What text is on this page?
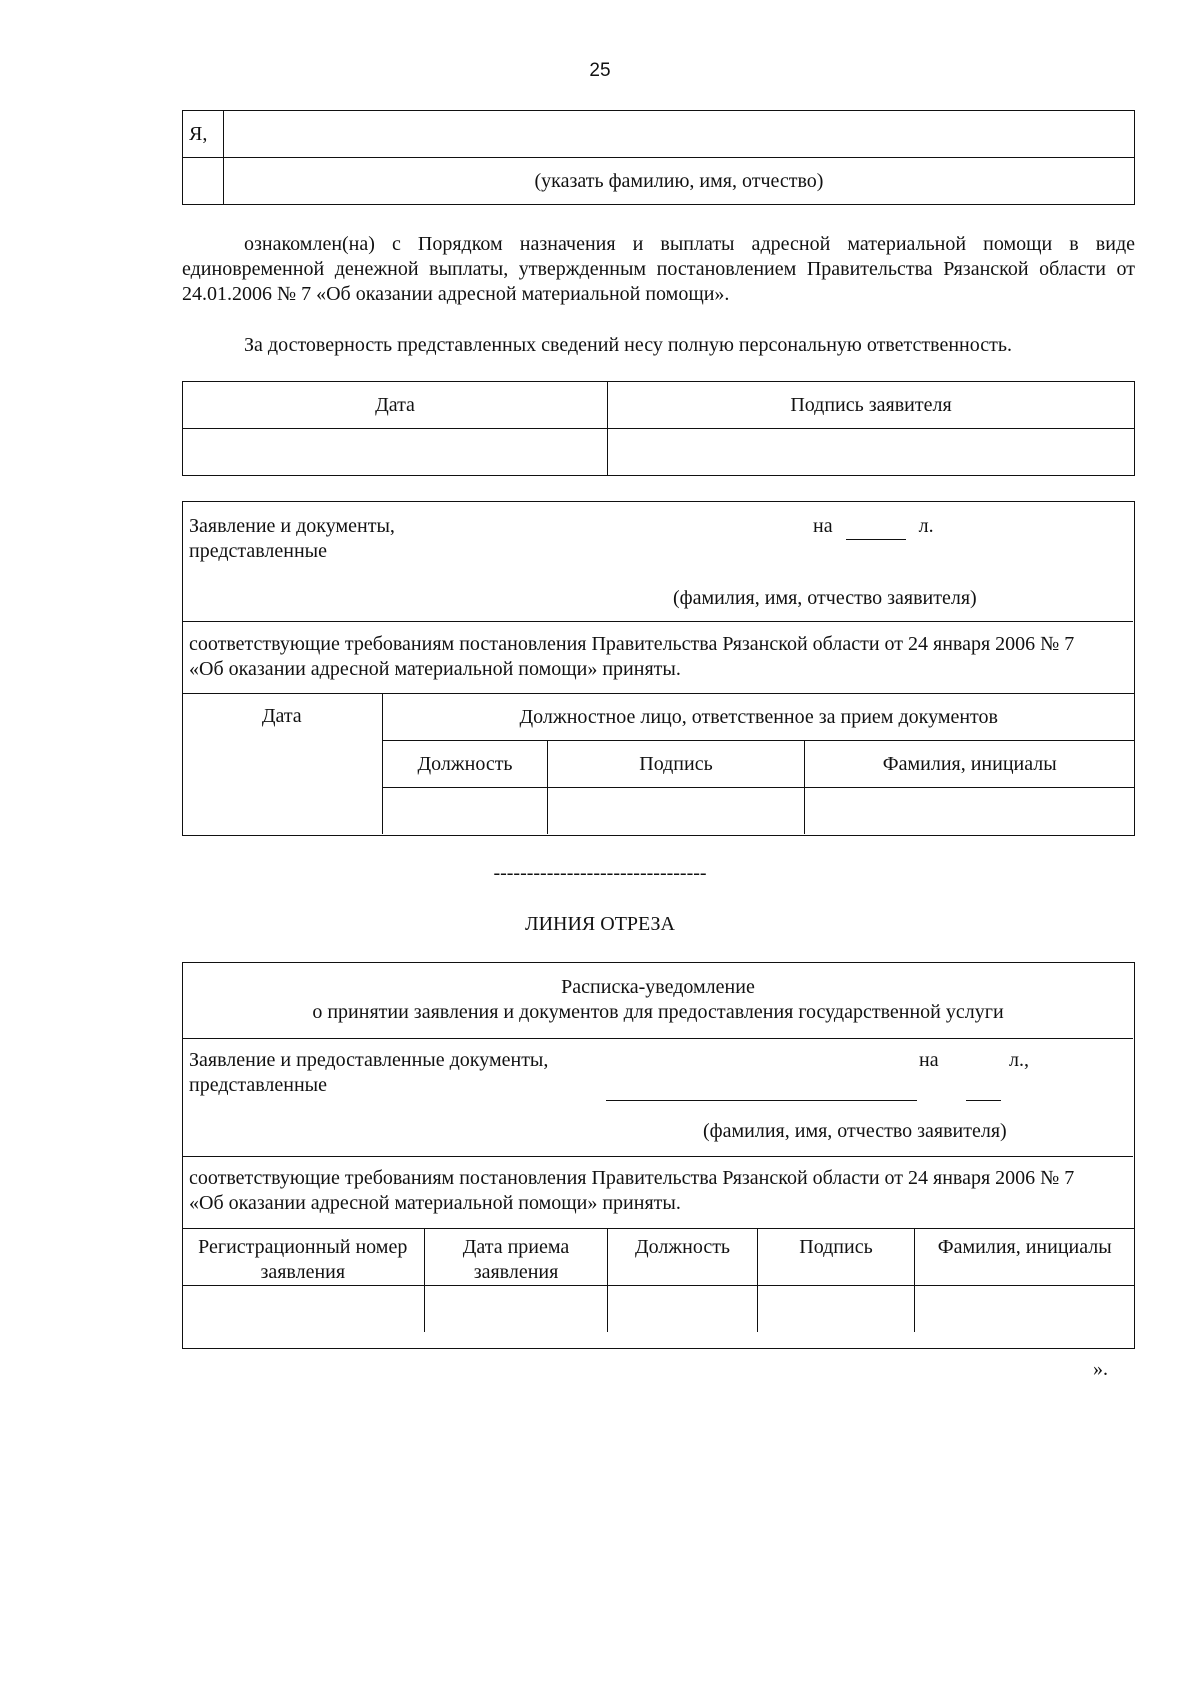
25
Я,	
	(указать фамилию, имя, отчество)
ознакомлен(на) с Порядком назначения и выплаты адресной материальной помощи в виде единовременной денежной выплаты, утвержденным постановлением Правительства Рязанской области от 24.01.2006 № 7 «Об оказании адресной материальной помощи».
За достоверность представленных сведений несу полную персональную ответственность.
Дата	Подпись заявителя

Заявление и документы, представленные
на	л.
(фамилия, имя, отчество заявителя)
соответствующие требованиям постановления Правительства Рязанской области от 24 января 2006 № 7 «Об оказании адресной материальной помощи» приняты.
Дата	Должностное лицо, ответственное за прием документов		
	Должность	Подпись	Фамилия, инициалы

--------------------------------
ЛИНИЯ ОТРЕЗА
Расписка-уведомление
о принятии заявления и документов для предоставления государственной услуги
Заявление и предоставленные документы, представленные
на	л.,
(фамилия, имя, отчество заявителя)
соответствующие требованиям постановления Правительства Рязанской области от 24 января 2006 № 7 «Об оказании адресной материальной помощи» приняты.
Регистрационный номер заявления	Дата приема заявления	Должность	Подпись	Фамилия, инициалы

».
